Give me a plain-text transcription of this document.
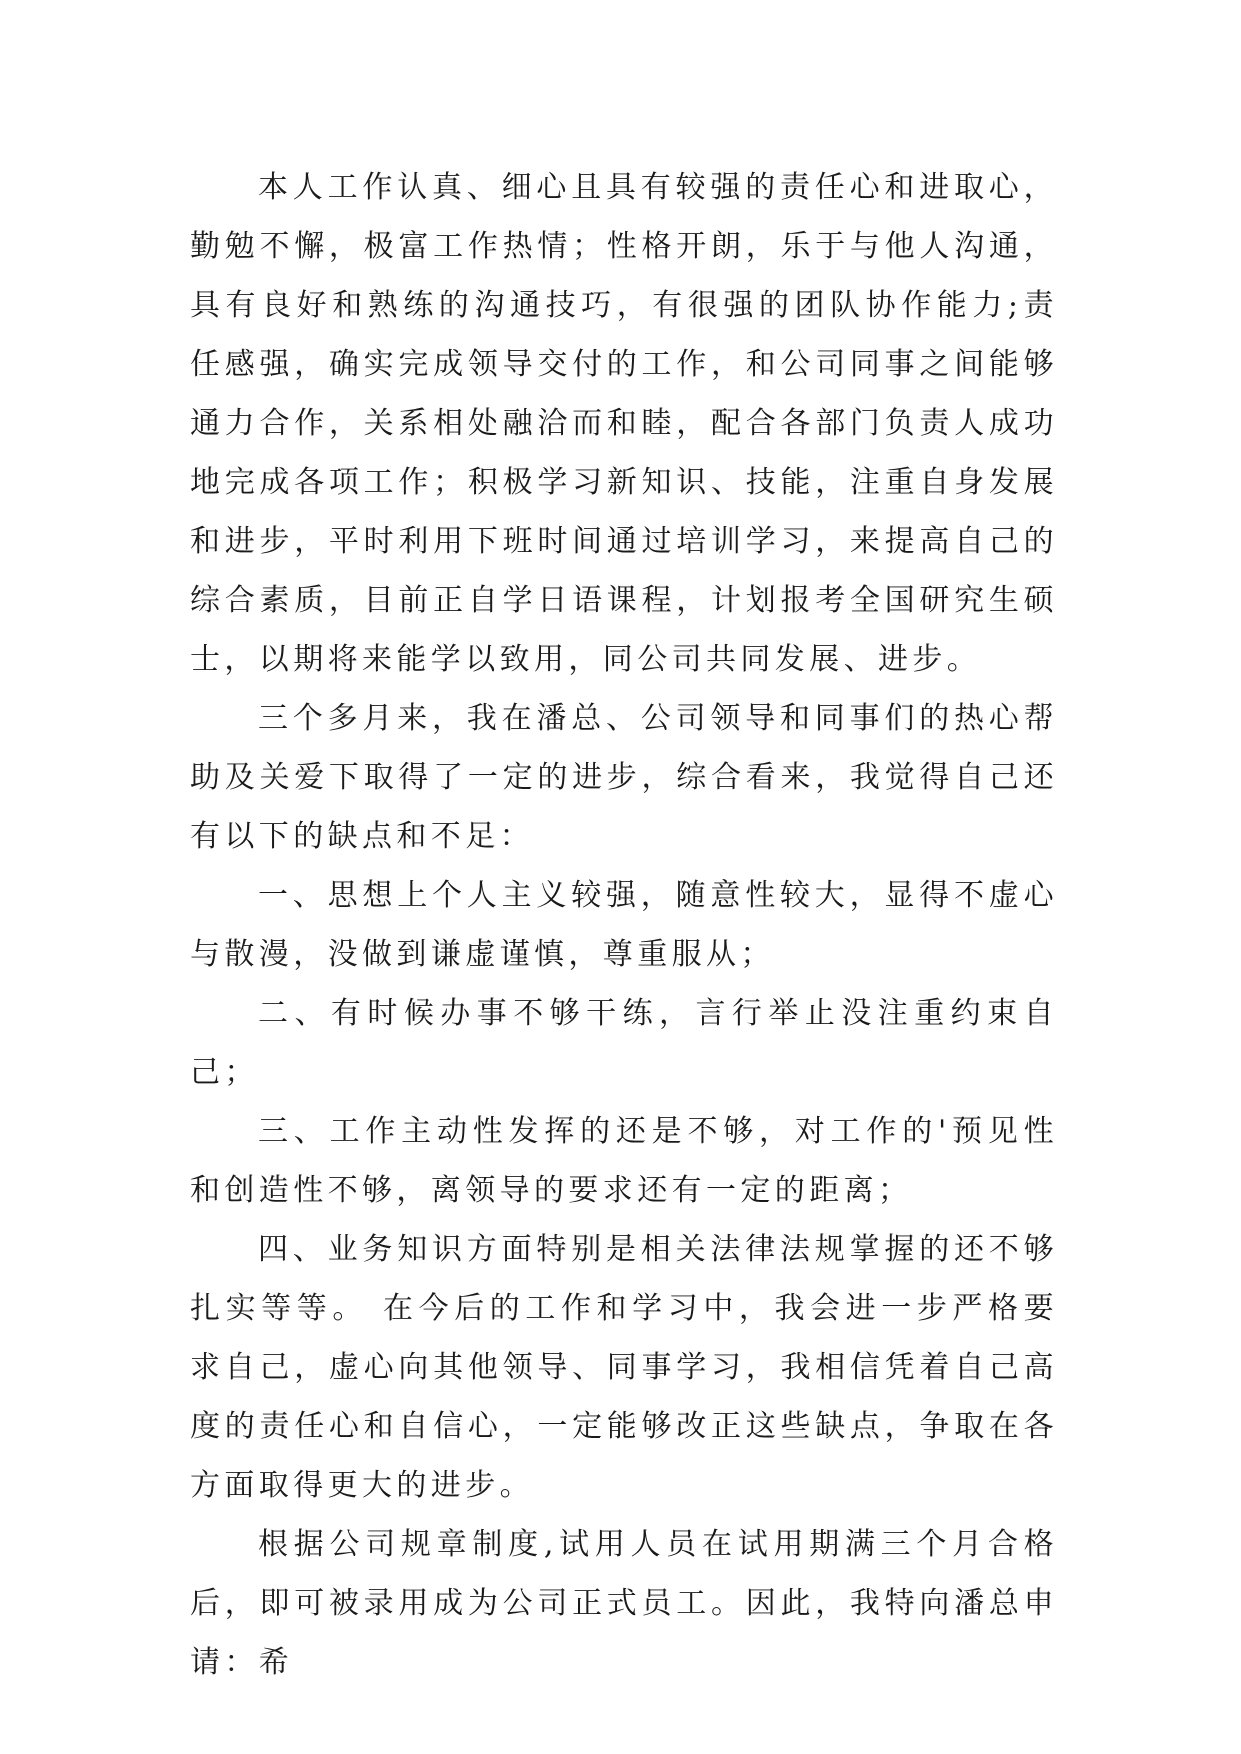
本人工作认真、细心且具有较强的责任心和进取心，勤勉不懈，极富工作热情；性格开朗，乐于与他人沟通，具有良好和熟练的沟通技巧，有很强的团队协作能力;责任感强，确实完成领导交付的工作，和公司同事之间能够通力合作，关系相处融洽而和睦，配合各部门负责人成功地完成各项工作；积极学习新知识、技能，注重自身发展和进步，平时利用下班时间通过培训学习，来提高自己的综合素质，目前正自学日语课程，计划报考全国研究生硕士，以期将来能学以致用，同公司共同发展、进步。

三个多月来，我在潘总、公司领导和同事们的热心帮助及关爱下取得了一定的进步，综合看来，我觉得自己还有以下的缺点和不足：

一、思想上个人主义较强，随意性较大，显得不虚心与散漫，没做到谦虚谨慎，尊重服从；

二、有时候办事不够干练，言行举止没注重约束自己；

三、工作主动性发挥的还是不够，对工作的'预见性和创造性不够，离领导的要求还有一定的距离；

四、业务知识方面特别是相关法律法规掌握的还不够扎实等等。 在今后的工作和学习中，我会进一步严格要求自己，虚心向其他领导、同事学习，我相信凭着自己高度的责任心和自信心，一定能够改正这些缺点，争取在各方面取得更大的进步。

根据公司规章制度,试用人员在试用期满三个月合格后，即可被录用成为公司正式员工。因此，我特向潘总申请：希
